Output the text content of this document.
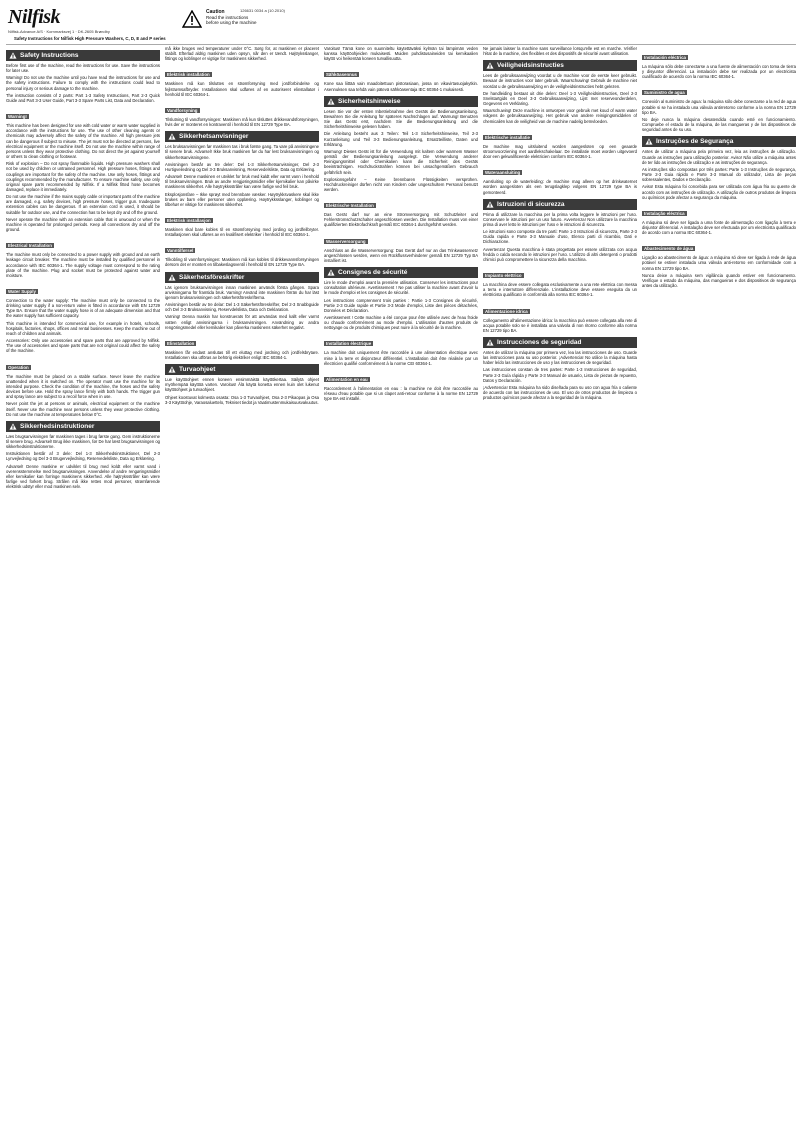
Nilfisk
Nilfisk-Advance A/S · Kornmarksvej 1 · DK-2605 Brøndby
Caution
Read the instructions
before using the machine
126631 0034 a (10.2010)
Safety Instructions for Nilfisk High Pressure Washers, C, D, E and P series
Safety Instructions

Before first use of the machine, read the instructions for use. Save the instructions for later use.

Warning! Do not use the machine until you have read the instructions for use and the safety instructions. Failure to comply with the instructions could lead to personal injury or serious damage to the machine.

The instruction consists of 2 parts: Part 1-3 Safety Instructions, Part 2-3 Quick Guide and Part 3-3 User Guide, Part 3-3 Spare Parts List, Data and Declaration.

Warning!

This machine has been designed for use with cold water or warm water supplied in accordance with the instructions for use. The use of other cleaning agents or chemicals may adversely affect the safety of the machine. All high pressure jets can be dangerous if subject to misuse. The jet must not be directed at persons, live electrical equipment or the machine itself. Do not use the machine within range of persons unless they wear protective clothing. Do not direct the jet against yourself or others to clean clothing or footwear.

Risk of explosion – Do not spray flammable liquids. High pressure washers shall not be used by children or untrained personnel. High pressure hoses, fittings and couplings are important for the safety of the machine. Use only hoses, fittings and couplings recommended by the manufacturer. To ensure machine safety, use only original spare parts recommended by Nilfisk. If a Nilfisk fitted hose becomes damaged, replace it immediately.

Do not use the machine if the mains supply cable or important parts of the machine are damaged, e.g. safety devices, high pressure hoses, trigger gun. Inadequate extension cables can be dangerous. If an extension cord is used, it should be suitable for outdoor use, and the connection has to be kept dry and off the ground.

Never operate the machine with an extension cable that is unwound or when the machine is operated for prolonged periods. Keep all connections dry and off the ground.

Electrical Installation

The machine must only be connected to a power supply with ground and an earth leakage circuit breaker. The machine must be installed by qualified personnel in accordance with IEC 60364-1. The supply voltage must correspond to the rating plate of the machine. Plug and socket must be protected against water and moisture.

Water Supply

Connection to the water supply: The machine must only be connected to the drinking water supply if a non-return valve is fitted in accordance with EN 12729 Type BA. Ensure that the water supply hose is of an adequate dimension and that the water supply has sufficient capacity.

This machine is intended for commercial use, for example in hotels, schools, hospitals, factories, shops, offices and rental businesses. Keep the machine out of reach of children and animals.

Accessories: Only use accessories and spare parts that are approved by Nilfisk. The use of accessories and spare parts that are not original could affect the safety of the machine.

Operation

The machine must be placed on a stable surface. Never leave the machine unattended when it is switched on. The operator must use the machine for its intended purpose. Check the condition of the machine, the hoses and the safety devices before use. Hold the spray lance firmly with both hands. The trigger gun and spray lance are subject to a recoil force when in use.

Never point the jet at persons or animals, electrical equipment or the machine itself. Never use the machine near persons unless they wear protective clothing. Do not use the machine at temperatures below 0°C.

Sikkerhedsinstruktioner

Læs brugsanvisningen før maskinen tages i brug første gang. Gem instruktionerne til senere brug. Advarsel! Brug ikke maskinen, før De har læst brugsanvisningen og sikkerhedsinstruktionerne.

Instruktionen består af 3 dele: Del 1-3 Sikkerhedsinstruktioner, Del 2-3 Lynvejledning og Del 3-3 Brugervejledning, Reservedelsliste, Data og Erklæring.

Advarsel! Denne maskine er udviklet til brug med koldt eller varmt vand i overensstemmelse med brugsanvisningen. Anvendelse af andre rengøringsmidler eller kemikalier kan forringe maskinens sikkerhed. Alle højtryksstråler kan være farlige ved forkert brug. Strålen må ikke rettes mod personer, strømførende elektrisk udstyr eller mod maskinen selv.

må ikke bruges ved temperaturer under 0°C. Sørg for, at maskinen er placeret stabilt. Efterlad aldrig maskinen uden opsyn, når den er tændt. Højtryksslanger, fittings og koblinger er vigtige for maskinens sikkerhed.

Elektrisk installation

Maskinen må kun tilsluttes en strømforsyning med jordforbindelse og fejlstrømsafbryder. Installationen skal udføres af en autoriseret elinstallatør i henhold til IEC 60364-1.

Vandforsyning

Tilslutning til vandforsyningen: Maskinen må kun tilsluttes drikkevandsforsyningen, hvis der er monteret en kontraventil i henhold til EN 12729 Type BA.

Sikkerhetsanvisninger

Les bruksanvisningen før maskinen tas i bruk første gang. Ta vare på anvisningene til senere bruk. Advarsel! Ikke bruk maskinen før du har lest bruksanvisningen og sikkerhetsanvisningene.

Anvisningen består av tre deler: Del 1-3 Sikkerhetsanvisninger, Del 2-3 Hurtigveiledning og Del 3-3 Bruksanvisning, Reservedelsliste, Data og Erklæring.

Advarsel! Denne maskinen er utviklet for bruk med kaldt eller varmt vann i henhold til bruksanvisningen. Bruk av andre rengjøringsmidler eller kjemikalier kan påvirke maskinens sikkerhet. Alle høytrykksstråler kan være farlige ved feil bruk.

Eksplosjonsfare – Ikke sprøyt med brennbare væsker. Høytrykksvaskere skal ikke brukes av barn eller personer uten opplæring. Høytrykksslanger, koblinger og tilbehør er viktige for maskinens sikkerhet.

Elektrisk installasjon

Maskinen skal bare kobles til en strømforsyning med jording og jordfeilbryter. Installasjonen skal utføres av en kvalifisert elektriker i henhold til IEC 60364-1.

Vanntilførsel

Tilkobling til vannforsyningen: Maskinen må kun kobles til drikkevannsforsyningen dersom det er montert en tilbakeslagsventil i henhold til EN 12729 Type BA.

Säkerhetsföreskrifter

Läs igenom bruksanvisningen innan maskinen används första gången. Spara anvisningarna för framtida bruk. Varning! Använd inte maskinen förrän du har läst igenom bruksanvisningen och säkerhetsföreskrifterna.

Anvisningen består av tre delar: Del 1-3 Säkerhetsföreskrifter, Del 2-3 Snabbguide och Del 3-3 Bruksanvisning, Reservdelslista, Data och Deklaration.

Varning! Denna maskin har konstruerats för att användas med kallt eller varmt vatten enligt anvisningarna i bruksanvisningen. Användning av andra rengöringsmedel eller kemikalier kan påverka maskinens säkerhet negativt.

Elinstallation

Maskinen får endast anslutas till ett eluttag med jordning och jordfelsbrytare. Installationen ska utföras av behörig elektriker enligt IEC 60364-1.

Turvaohjeet

Lue käyttöohjeet ennen koneen ensimmäistä käyttökertaa. Säilytä ohjeet myöhempää käyttöä varten. Varoitus! Älä käytä konetta ennen kuin olet lukenut käyttöohjeet ja turvaohjeet.

Ohjeet koostuvat kolmesta osasta: Osa 1-3 Turvaohjeet, Osa 2-3 Pikaopas ja Osa 3-3 Käyttöohje, Varaosaluettelo, Tekniset tiedot ja Vaatimustenmukaisuusvakuutus.

Varoitus! Tämä kone on suunniteltu käytettäväksi kylmän tai lämpimän veden kanssa käyttöohjeiden mukaisesti. Muiden puhdistusaineiden tai kemikaalien käyttö voi heikentää koneen turvallisuutta.

Sähköasennus

Kone saa liittää vain maadoitettuun pistorasiaan, jossa on vikavirtasuojakytkin. Asennuksen saa tehdä vain pätevä sähköasentaja IEC 60364-1 mukaisesti.

Sicherheitshinweise

Lesen Sie vor der ersten Inbetriebnahme des Geräts die Bedienungsanleitung. Bewahren Sie die Anleitung für späteres Nachschlagen auf. Warnung! Benutzen Sie das Gerät erst, nachdem Sie die Bedienungsanleitung und die Sicherheitshinweise gelesen haben.

Die Anleitung besteht aus 3 Teilen: Teil 1-3 Sicherheitshinweise, Teil 2-3 Kurzanleitung und Teil 3-3 Bedienungsanleitung, Ersatzteilliste, Daten und Erklärung.

Warnung! Dieses Gerät ist für die Verwendung mit kaltem oder warmem Wasser gemäß der Bedienungsanleitung ausgelegt. Die Verwendung anderer Reinigungsmittel oder Chemikalien kann die Sicherheit des Geräts beeinträchtigen. Hochdruckstrahlen können bei unsachgemäßem Gebrauch gefährlich sein.

Explosionsgefahr – Keine brennbaren Flüssigkeiten versprühen. Hochdruckreiniger dürfen nicht von Kindern oder ungeschultem Personal benutzt werden.

Elektrische Installation

Das Gerät darf nur an eine Stromversorgung mit Schutzleiter und Fehlerstromschutzschalter angeschlossen werden. Die Installation muss von einer qualifizierten Elektrofachkraft gemäß IEC 60364-1 durchgeführt werden.

Wasserversorgung

Anschluss an die Wasserversorgung: Das Gerät darf nur an das Trinkwassernetz angeschlossen werden, wenn ein Rückflussverhinderer gemäß EN 12729 Typ BA installiert ist.

Consignes de sécurité

Lire le mode d'emploi avant la première utilisation. Conserver les instructions pour consultation ultérieure. Avertissement ! Ne pas utiliser la machine avant d'avoir lu le mode d'emploi et les consignes de sécurité.

Les instructions comprennent trois parties : Partie 1-3 Consignes de sécurité, Partie 2-3 Guide rapide et Partie 3-3 Mode d'emploi, Liste des pièces détachées, Données et Déclaration.

Avertissement ! Cette machine a été conçue pour être utilisée avec de l'eau froide ou chaude conformément au mode d'emploi. L'utilisation d'autres produits de nettoyage ou de produits chimiques peut nuire à la sécurité de la machine.

Installation électrique

La machine doit uniquement être raccordée à une alimentation électrique avec mise à la terre et disjoncteur différentiel. L'installation doit être réalisée par un électricien qualifié conformément à la norme CEI 60364-1.

Alimentation en eau

Raccordement à l'alimentation en eau : la machine ne doit être raccordée au réseau d'eau potable que si un clapet anti-retour conforme à la norme EN 12729 type BA est installé.

Ne jamais laisser la machine sans surveillance lorsqu'elle est en marche. Vérifier l'état de la machine, des flexibles et des dispositifs de sécurité avant utilisation.

Veiligheidsinstructies

Lees de gebruiksaanwijzing voordat u de machine voor de eerste keer gebruikt. Bewaar de instructies voor later gebruik. Waarschuwing! Gebruik de machine niet voordat u de gebruiksaanwijzing en de veiligheidsinstructies hebt gelezen.

De handleiding bestaat uit drie delen: Deel 1-3 Veiligheidsinstructies, Deel 2-3 Snelstartgids en Deel 3-3 Gebruiksaanwijzing, Lijst met reserveonderdelen, Gegevens en Verklaring.

Waarschuwing! Deze machine is ontworpen voor gebruik met koud of warm water volgens de gebruiksaanwijzing. Het gebruik van andere reinigingsmiddelen of chemicaliën kan de veiligheid van de machine nadelig beïnvloeden.

Elektrische installatie

De machine mag uitsluitend worden aangesloten op een geaarde stroomvoorziening met aardlekschakelaar. De installatie moet worden uitgevoerd door een gekwalificeerde elektricien conform IEC 60364-1.

Wateraansluiting

Aansluiting op de waterleiding: de machine mag alleen op het drinkwaternet worden aangesloten als een terugslagklep volgens EN 12729 type BA is gemonteerd.

Istruzioni di sicurezza

Prima di utilizzare la macchina per la prima volta leggere le istruzioni per l'uso. Conservare le istruzioni per un uso futuro. Avvertenza! Non utilizzare la macchina prima di aver letto le istruzioni per l'uso e le istruzioni di sicurezza.

Le istruzioni sono composte da tre parti: Parte 1-3 Istruzioni di sicurezza, Parte 2-3 Guida rapida e Parte 3-3 Manuale d'uso, Elenco parti di ricambio, Dati e Dichiarazione.

Avvertenza! Questa macchina è stata progettata per essere utilizzata con acqua fredda o calda secondo le istruzioni per l'uso. L'utilizzo di altri detergenti o prodotti chimici può compromettere la sicurezza della macchina.

Impianto elettrico

La macchina deve essere collegata esclusivamente a una rete elettrica con messa a terra e interruttore differenziale. L'installazione deve essere eseguita da un elettricista qualificato in conformità alla norma IEC 60364-1.

Alimentazione idrica

Collegamento all'alimentazione idrica: la macchina può essere collegata alla rete di acqua potabile solo se è installata una valvola di non ritorno conforme alla norma EN 12729 tipo BA.

Instrucciones de seguridad

Antes de utilizar la máquina por primera vez, lea las instrucciones de uso. Guarde las instrucciones para su uso posterior. ¡Advertencia! No utilice la máquina hasta haber leído las instrucciones de uso y las instrucciones de seguridad.

Las instrucciones constan de tres partes: Parte 1-3 Instrucciones de seguridad, Parte 2-3 Guía rápida y Parte 3-3 Manual de usuario, Lista de piezas de repuesto, Datos y Declaración.

¡Advertencia! Esta máquina ha sido diseñada para su uso con agua fría o caliente de acuerdo con las instrucciones de uso. El uso de otros productos de limpieza o productos químicos puede afectar a la seguridad de la máquina.

Instalación eléctrica

La máquina sólo debe conectarse a una fuente de alimentación con toma de tierra y disyuntor diferencial. La instalación debe ser realizada por un electricista cualificado de acuerdo con la norma IEC 60364-1.

Suministro de agua

Conexión al suministro de agua: la máquina sólo debe conectarse a la red de agua potable si se ha instalado una válvula antirretorno conforme a la norma EN 12729 tipo BA.

No deje nunca la máquina desatendida cuando esté en funcionamiento. Compruebe el estado de la máquina, de las mangueras y de los dispositivos de seguridad antes de su uso.

Instruções de Segurança

Antes de utilizar a máquina pela primeira vez, leia as instruções de utilização. Guarde as instruções para utilização posterior. Aviso! Não utilize a máquina antes de ter lido as instruções de utilização e as instruções de segurança.

As instruções são compostas por três partes: Parte 1-3 Instruções de segurança, Parte 2-3 Guia rápido e Parte 3-3 Manual do utilizador, Lista de peças sobressalentes, Dados e Declaração.

Aviso! Esta máquina foi concebida para ser utilizada com água fria ou quente de acordo com as instruções de utilização. A utilização de outros produtos de limpeza ou químicos pode afectar a segurança da máquina.

Instalação eléctrica

A máquina só deve ser ligada a uma fonte de alimentação com ligação à terra e disjuntor diferencial. A instalação deve ser efectuada por um electricista qualificado de acordo com a norma IEC 60364-1.

Abastecimento de água

Ligação ao abastecimento de água: a máquina só deve ser ligada à rede de água potável se estiver instalada uma válvula anti-retorno em conformidade com a norma EN 12729 tipo BA.

Nunca deixe a máquina sem vigilância quando estiver em funcionamento. Verifique o estado da máquina, das mangueiras e dos dispositivos de segurança antes da utilização.
